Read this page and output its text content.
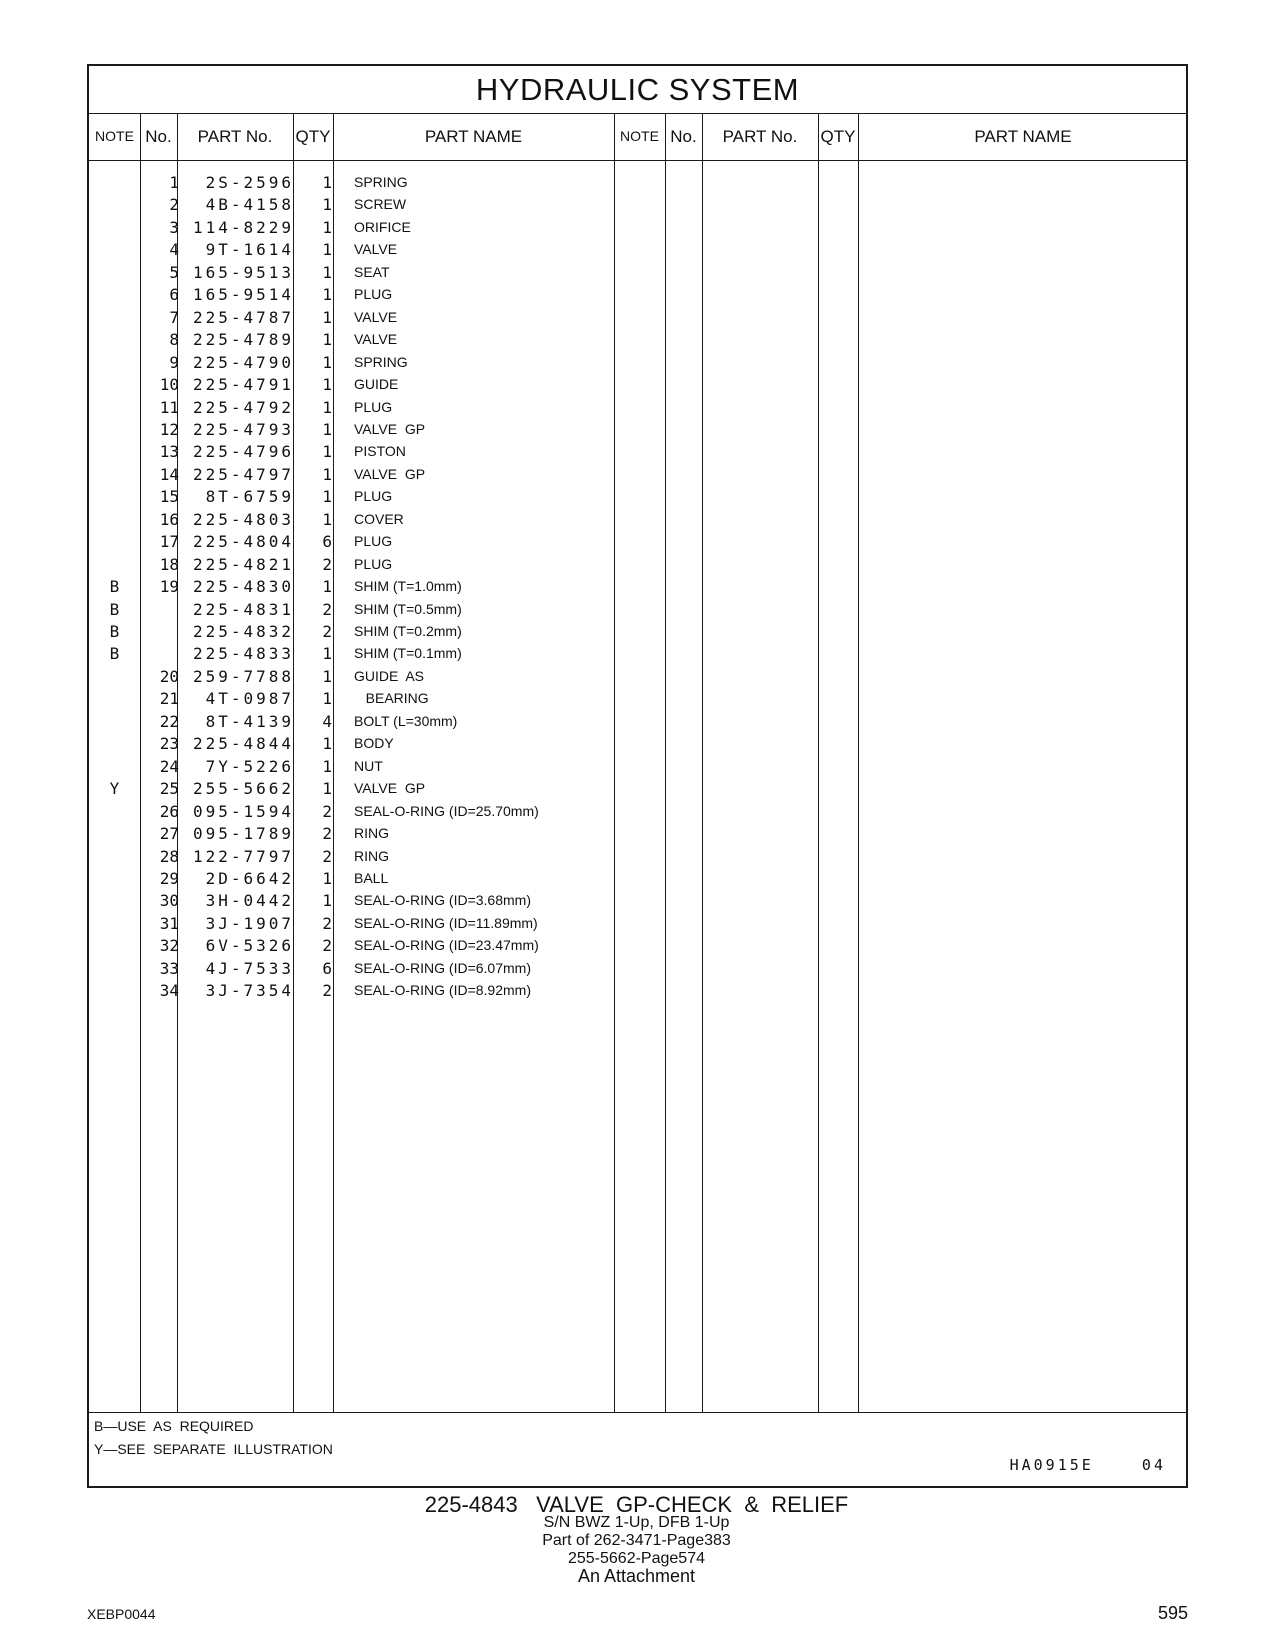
HYDRAULIC SYSTEM
NOTE No.	PART No.	QTY	PART NAME	NOTE No.	PART No.	QTY	PART NAME
1	2S-2596	1 SPRING
2	4B-4158	1 SCREW
3 114-8229	1 ORIFICE
4	9T-1614	1 VALVE
5 165-9513	1 SEAT
6 165-9514	1 PLUG
7 225-4787	1 VALVE
8 225-4789	1 VALVE
9 225-4790	1 SPRING
10 225-4791	1 GUIDE
11 225-4792	1 PLUG
12 225-4793	1 VALVE  GP
13 225-4796	1 PISTON
14 225-4797	1 VALVE  GP
15	8T-6759	1 PLUG
16 225-4803	1 COVER
17 225-4804	6 PLUG
18 225-4821	2 PLUG
B	19 225-4830	1 SHIM (T=1.0mm)
B	225-4831	2 SHIM (T=0.5mm)
B	225-4832	2 SHIM (T=0.2mm)
B	225-4833	1 SHIM (T=0.1mm)
20 259-7788	1 GUIDE  AS
21	4T-0987	1 BEARING
22	8T-4139	4 BOLT (L=30mm)
23 225-4844	1 BODY
24	7Y-5226	1 NUT
Y	25 255-5662	1 VALVE  GP
26 095-1594	2 SEAL-O-RING (ID=25.70mm)
27 095-1789	2 RING
28 122-7797	2 RING
29	2D-6642	1 BALL
30	3H-0442	1 SEAL-O-RING (ID=3.68mm)
31	3J-1907	2 SEAL-O-RING (ID=11.89mm)
32	6V-5326	2 SEAL-O-RING (ID=23.47mm)
33	4J-7533	6 SEAL-O-RING (ID=6.07mm)
34	3J-7354	2 SEAL-O-RING (ID=8.92mm)
B—USE  AS  REQUIRED
Y—SEE  SEPARATE  ILLUSTRATION
HA0915E    04
225-4843   VALVE  GP-CHECK  &  RELIEF
S/N BWZ 1-Up, DFB 1-Up
Part of 262-3471-Page383
255-5662-Page574
An Attachment
XEBP0044	595
